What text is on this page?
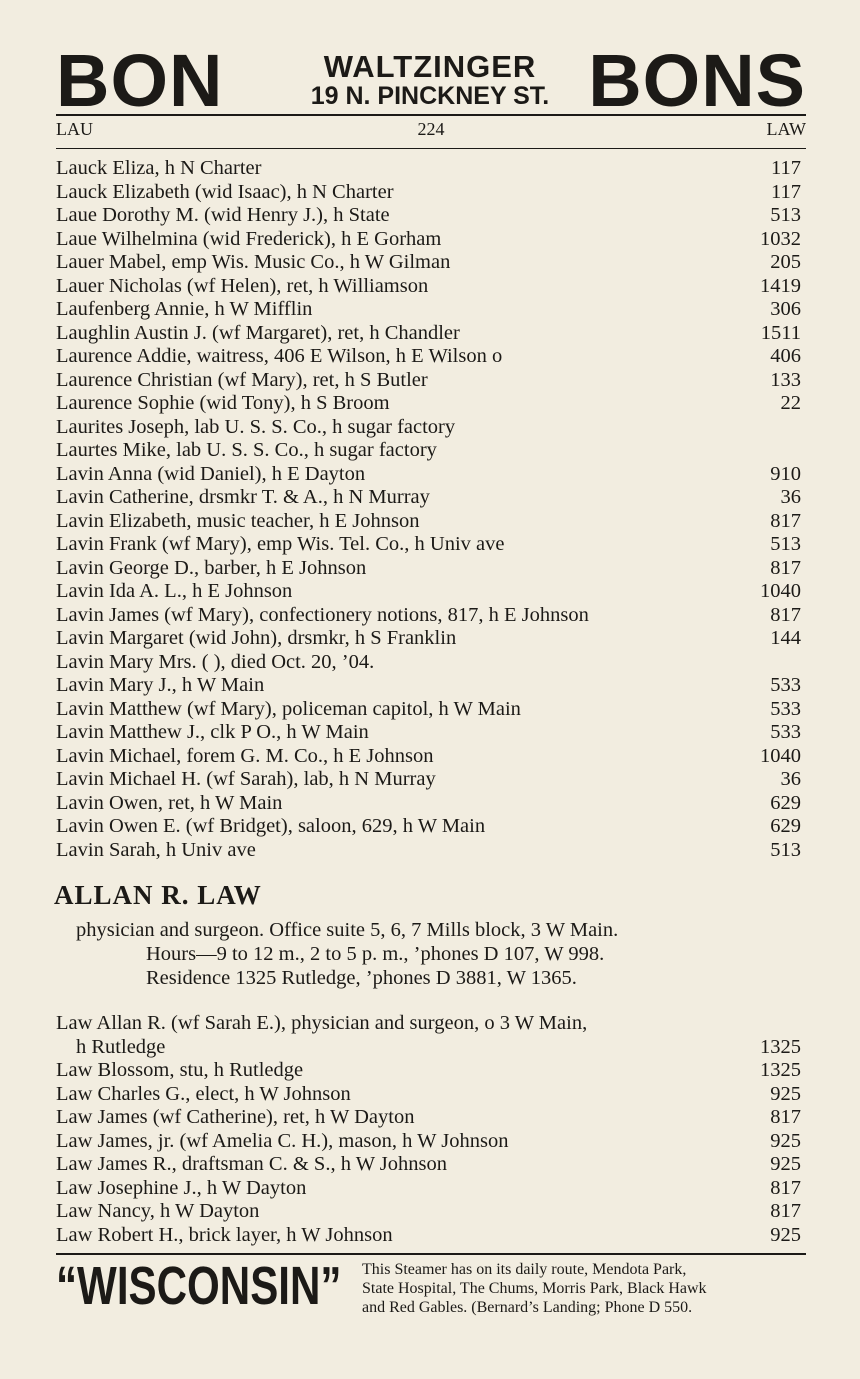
BON	WALTZINGER
19 N. PINCKNEY ST. BONS
224
LAU	LAW
Lauck Eliza, h N Charter	117
Lauck Elizabeth (wid Isaac), h N Charter	117
Laue Dorothy M. (wid Henry J.), h State	513
Laue Wilhelmina (wid Frederick), h E Gorham	1032
Lauer Mabel, emp Wis. Music Co., h W Gilman	205
Lauer Nicholas (wf Helen), ret, h Williamson	1419
Laufenberg Annie, h W Mifflin	306
Laughlin Austin J. (wf Margaret), ret, h Chandler	1511
Laurence Addie, waitress, 406 E Wilson, h E Wilson o	406
Laurence Christian (wf Mary), ret, h S Butler	133
Laurence Sophie (wid Tony), h S Broom	22
Laurites Joseph, lab U. S. S. Co., h sugar factory
Laurtes Mike, lab U. S. S. Co., h sugar factory
Lavin Anna (wid Daniel), h E Dayton	910
Lavin Catherine, drsmkr T. & A., h N Murray	36
Lavin Elizabeth, music teacher, h E Johnson	817
Lavin Frank (wf Mary), emp Wis. Tel. Co., h Univ ave	513
Lavin George D., barber, h E Johnson	817
Lavin Ida A. L., h E Johnson	1040
Lavin James (wf Mary), confectionery notions, 817, h E Johnson	817
Lavin Margaret (wid John), drsmkr, h S Franklin	144
Lavin Mary Mrs. ( ), died Oct. 20, ’04.
Lavin Mary J., h W Main	533
Lavin Matthew (wf Mary), policeman capitol, h W Main	533
Lavin Matthew J., clk P O., h W Main	533
Lavin Michael, forem G. M. Co., h E Johnson	1040
Lavin Michael H. (wf Sarah), lab, h N Murray	36
Lavin Owen, ret, h W Main	629
Lavin Owen E. (wf Bridget), saloon, 629, h W Main	629
Lavin Sarah, h Univ ave	513
ALLAN R. LAW
physician and surgeon. Office suite 5, 6, 7 Mills block, 3 W Main.
Hours—9 to 12 m., 2 to 5 p. m., ’phones D 107, W 998.
Residence 1325 Rutledge, ’phones D 3881, W 1365.
Law Allan R. (wf Sarah E.), physician and surgeon, o 3 W Main,
h Rutledge	1325
Law Blossom, stu, h Rutledge	1325
Law Charles G., elect, h W Johnson	925
Law James (wf Catherine), ret, h W Dayton	817
Law James, jr. (wf Amelia C. H.), mason, h W Johnson	925
Law James R., draftsman C. & S., h W Johnson	925
Law Josephine J., h W Dayton	817
Law Nancy, h W Dayton	817
Law Robert H., brick layer, h W Johnson	925
“WISCONSIN” This Steamer has on its daily route, Mendota Park,
State Hospital, The Chums, Morris Park, Black Hawk
and Red Gables. (Bernard’s Landing; Phone D 550.
